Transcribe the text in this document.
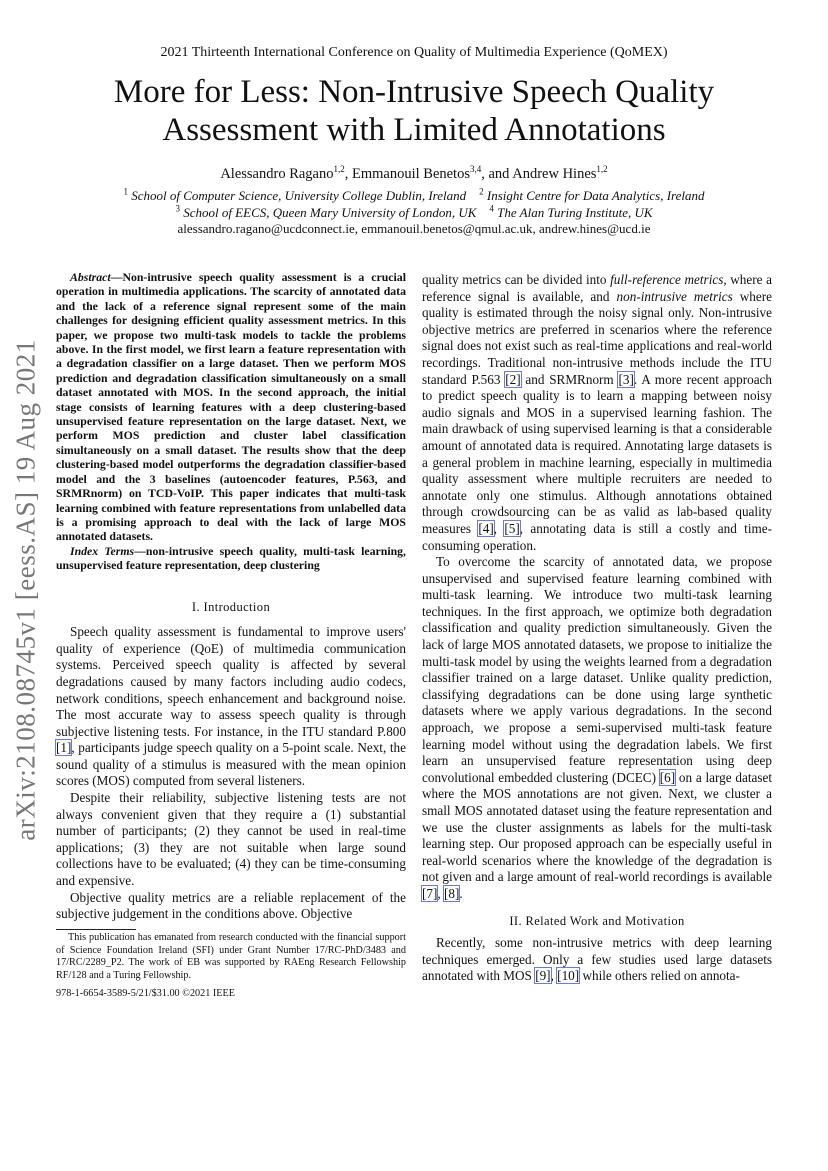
arXiv:2108.08745v1 [eess.AS] 19 Aug 2021
2021 Thirteenth International Conference on Quality of Multimedia Experience (QoMEX)
More for Less: Non-Intrusive Speech Quality Assessment with Limited Annotations
Alessandro Ragano$^{1,2}$, Emmanouil Benetos$^{3,4}$, and Andrew Hines$^{1,2}$
$^1$ School of Computer Science, University College Dublin, Ireland $^2$ Insight Centre for Data Analytics, Ireland
$^3$ School of EECS, Queen Mary University of London, UK $^4$ The Alan Turing Institute, UK
alessandro.ragano@ucdconnect.ie, emmanouil.benetos@qmul.ac.uk, andrew.hines@ucd.ie

Abstract—Non-intrusive speech quality assessment is a crucial operation in multimedia applications. The scarcity of annotated data and the lack of a reference signal represent some of the main challenges for designing efficient quality assessment metrics. In this paper, we propose two multi-task models to tackle the problems above. In the first model, we first learn a feature representation with a degradation classifier on a large dataset. Then we perform MOS prediction and degradation classification simultaneously on a small dataset annotated with MOS. In the second approach, the initial stage consists of learning features with a deep clustering-based unsupervised feature representation on the large dataset. Next, we perform MOS prediction and cluster label classification simultaneously on a small dataset. The results show that the deep clustering-based model outperforms the degradation classifier-based model and the 3 baselines (autoencoder features, P.563, and SRMRnorm) on TCD-VoIP. This paper indicates that multi-task learning combined with feature representations from unlabelled data is a promising approach to deal with the lack of large MOS annotated datasets.

Index Terms—non-intrusive speech quality, multi-task learning, unsupervised feature representation, deep clustering

I. Introduction

Speech quality assessment is fundamental to improve users' quality of experience (QoE) of multimedia communication systems. Perceived speech quality is affected by several degradations caused by many factors including audio codecs, network conditions, speech enhancement and background noise. The most accurate way to assess speech quality is through subjective listening tests. For instance, in the ITU standard P.800 [1], participants judge speech quality on a 5-point scale. Next, the sound quality of a stimulus is measured with the mean opinion scores (MOS) computed from several listeners.

Despite their reliability, subjective listening tests are not always convenient given that they require a (1) substantial number of participants; (2) they cannot be used in real-time applications; (3) they are not suitable when large sound collections have to be evaluated; (4) they can be time-consuming and expensive.

Objective quality metrics are a reliable replacement of the subjective judgement in the conditions above. Objective

This publication has emanated from research conducted with the financial support of Science Foundation Ireland (SFI) under Grant Number 17/RC-PhD/3483 and 17/RC/2289_P2. The work of EB was supported by RAEng Research Fellowship RF/128 and a Turing Fellowship.

978-1-6654-3589-5/21/$31.00 ©2021 IEEE

quality metrics can be divided into full-reference metrics, where a reference signal is available, and non-intrusive metrics where quality is estimated through the noisy signal only. Non-intrusive objective metrics are preferred in scenarios where the reference signal does not exist such as real-time applications and real-world recordings. Traditional non-intrusive methods include the ITU standard P.563 [2] and SRMRnorm [3]. A more recent approach to predict speech quality is to learn a mapping between noisy audio signals and MOS in a supervised learning fashion. The main drawback of using supervised learning is that a considerable amount of annotated data is required. Annotating large datasets is a general problem in machine learning, especially in multimedia quality assessment where multiple recruiters are needed to annotate only one stimulus. Although annotations obtained through crowdsourcing can be as valid as lab-based quality measures [4], [5], annotating data is still a costly and time-consuming operation.

To overcome the scarcity of annotated data, we propose unsupervised and supervised feature learning combined with multi-task learning. We introduce two multi-task learning techniques. In the first approach, we optimize both degradation classification and quality prediction simultaneously. Given the lack of large MOS annotated datasets, we propose to initialize the multi-task model by using the weights learned from a degradation classifier trained on a large dataset. Unlike quality prediction, classifying degradations can be done using large synthetic datasets where we apply various degradations. In the second approach, we propose a semi-supervised multi-task feature learning model without using the degradation labels. We first learn an unsupervised feature representation using deep convolutional embedded clustering (DCEC) [6] on a large dataset where the MOS annotations are not given. Next, we cluster a small MOS annotated dataset using the feature representation and we use the cluster assignments as labels for the multi-task learning step. Our proposed approach can be especially useful in real-world scenarios where the knowledge of the degradation is not given and a large amount of real-world recordings is available [7], [8].

II. Related Work and Motivation

Recently, some non-intrusive metrics with deep learning techniques emerged. Only a few studies used large datasets annotated with MOS [9], [10] while others relied on annota-
